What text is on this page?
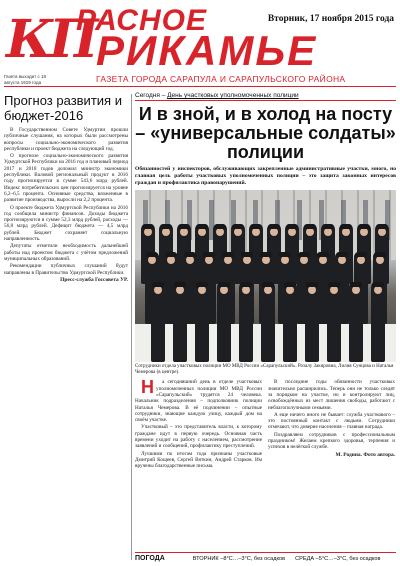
КП
РАСНОЕ
РИКАМЬЕ
Вторник, 17 ноября 2015 года
ГАЗЕТА ГОРОДА САРАПУЛА И САРАПУЛЬСКОГО РАЙОНА
Газета выходит с 18 августа 1919 года
Прогноз развития и бюджет-2016

В Государственном Совете Удмуртии прошли публичные слушания, на которых были рассмотрены вопросы социально-экономического развития республики и проект бюджета на следующий год.

О прогнозе социально-экономического развития Удмуртской Республики на 2016 год и плановый период 2017 и 2018 годов доложил министр экономики республики. Валовой региональный продукт в 2016 году прогнозируется в сумме 543,6 млрд рублей. Индекс потребительских цен прогнозируется на уровне 6,2–6,5 процента. Основные средства, вложенные в развитие производства, выросли на 2,2 процента.

О проекте бюджета Удмуртской Республики на 2016 год сообщила министр финансов. Доходы бюджета прогнозируются в сумме 52,3 млрд рублей, расходы — 56,8 млрд рублей. Дефицит бюджета — 4,5 млрд рублей. Бюджет сохраняет социальную направленность.

Депутаты отметили необходимость дальнейшей работы над проектом бюджета с учётом предложений муниципальных образований.

Рекомендации публичных слушаний будут направлены в Правительство Удмуртской Республики.

Пресс-служба Госсовета УР.
Сегодня – День участковых уполномоченных полиции
И в зной, и в холод на посту – «универсальные солдаты» полиции
Обязанностей у инспекторов, обслуживающих закрепленные административные участки, много, но главная цель работы участковых уполномоченных полиции – это защита законных интересов граждан и профилактика правонарушений.
Сотрудники отдела участковых полиции МО МВД России «Сарапульский». Розалу Закировна, Лилия Сунцова и Наталья Чемерова (в центре).

Н а сегодняшний день в отделе участковых уполномоченных полиции МО МВД России «Сарапульский» трудятся 24 человека. Начальник подразделения – подполковник полиции Наталья Чемерова. В её подчинении – опытные сотрудники, знающие каждую улицу, каждый дом на своём участке.

Участковый – это представитель власти, к которому граждане идут в первую очередь. Основная часть времени уходит на работу с населением, рассмотрение заявлений и сообщений, профилактику преступлений.

Лучшими по итогам года признаны участковые Дмитрий Кощеев, Сергей Вяткин, Андрей Старков. Им вручены благодарственные письма.

В последние годы обязанности участковых значительно расширились. Теперь они не только следят за порядком на участке, но и контролируют лиц, освобождённых из мест лишения свободы, работают с неблагополучными семьями.

А еще ничего иного не бывает: служба участкового – это постоянный контакт с людьми. Сотрудники отмечают, что доверие населения – главная награда.

Поздравляем сотрудников с профессиональным праздником! Желаем крепкого здоровья, терпения и успехов в нелёгкой службе.

М. Родина. Фото автора.
ПОГОДА	ВТОРНИК –8°С…–3°С, без осадков СРЕДА –5°С…–3°С, без осадков
